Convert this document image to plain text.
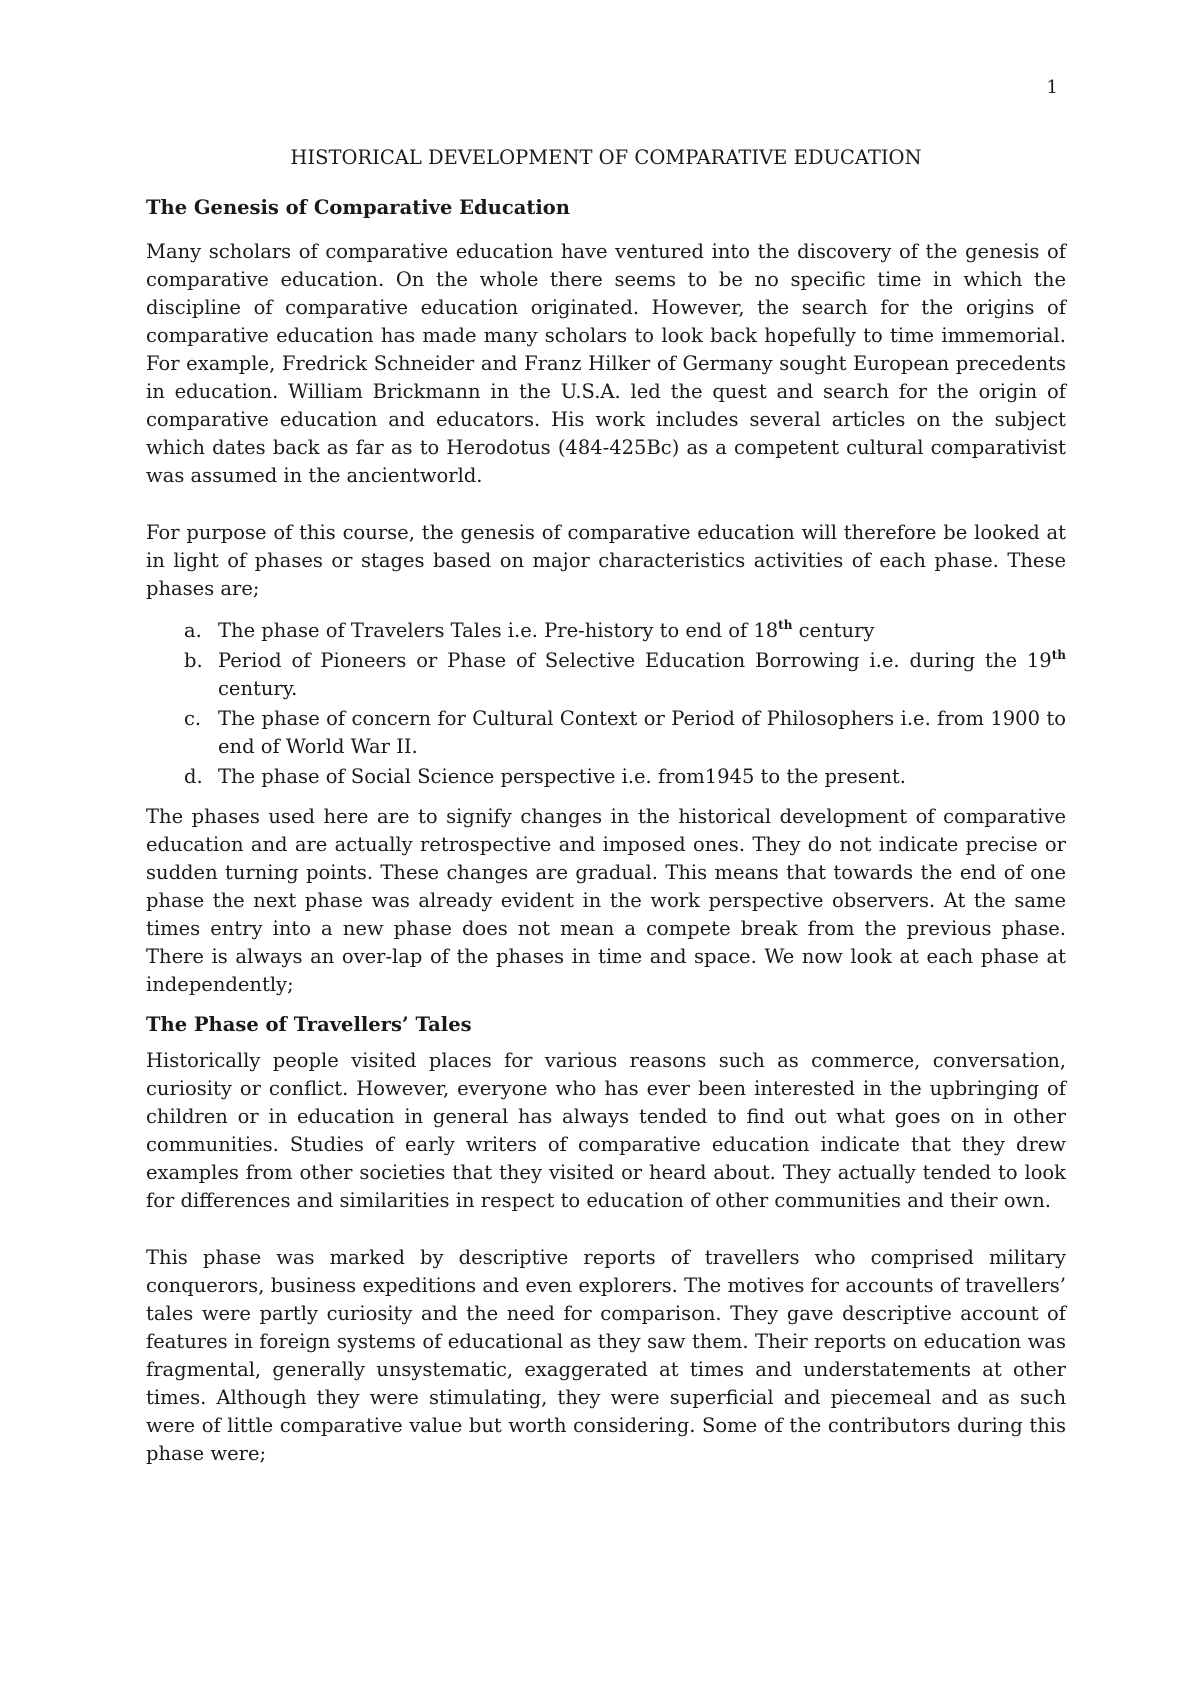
1
HISTORICAL DEVELOPMENT OF COMPARATIVE EDUCATION
The Genesis of Comparative Education

Many scholars of comparative education have ventured into the discovery of the genesis of comparative education. On the whole there seems to be no specific time in which the discipline of comparative education originated. However, the search for the origins of comparative education has made many scholars to look back hopefully to time immemorial. For example, Fredrick Schneider and Franz Hilker of Germany sought European precedents in education. William Brickmann in the U.S.A. led the quest and search for the origin of comparative education and educators. His work includes several articles on the subject which dates back as far as to Herodotus (484-425Bc) as a competent cultural comparativist was assumed in the ancientworld.

For purpose of this course, the genesis of comparative education will therefore be looked at in light of phases or stages based on major characteristics activities of each phase. These phases are;

a. The phase of Travelers Tales i.e. Pre-history to end of 18th century
b. Period of Pioneers or Phase of Selective Education Borrowing i.e. during the 19th century.
c. The phase of concern for Cultural Context or Period of Philosophers i.e. from 1900 to end of World War II.
d. The phase of Social Science perspective i.e. from1945 to the present.

The phases used here are to signify changes in the historical development of comparative education and are actually retrospective and imposed ones. They do not indicate precise or sudden turning points. These changes are gradual. This means that towards the end of one phase the next phase was already evident in the work perspective observers. At the same times entry into a new phase does not mean a compete break from the previous phase. There is always an over-lap of the phases in time and space. We now look at each phase at independently;

The Phase of Travellers’ Tales

Historically people visited places for various reasons such as commerce, conversation, curiosity or conflict. However, everyone who has ever been interested in the upbringing of children or in education in general has always tended to find out what goes on in other communities. Studies of early writers of comparative education indicate that they drew examples from other societies that they visited or heard about. They actually tended to look for differences and similarities in respect to education of other communities and their own.

This phase was marked by descriptive reports of travellers who comprised military conquerors, business expeditions and even explorers. The motives for accounts of travellers’ tales were partly curiosity and the need for comparison. They gave descriptive account of features in foreign systems of educational as they saw them. Their reports on education was fragmental, generally unsystematic, exaggerated at times and understatements at other times. Although they were stimulating, they were superficial and piecemeal and as such were of little comparative value but worth considering. Some of the contributors during this phase were;
